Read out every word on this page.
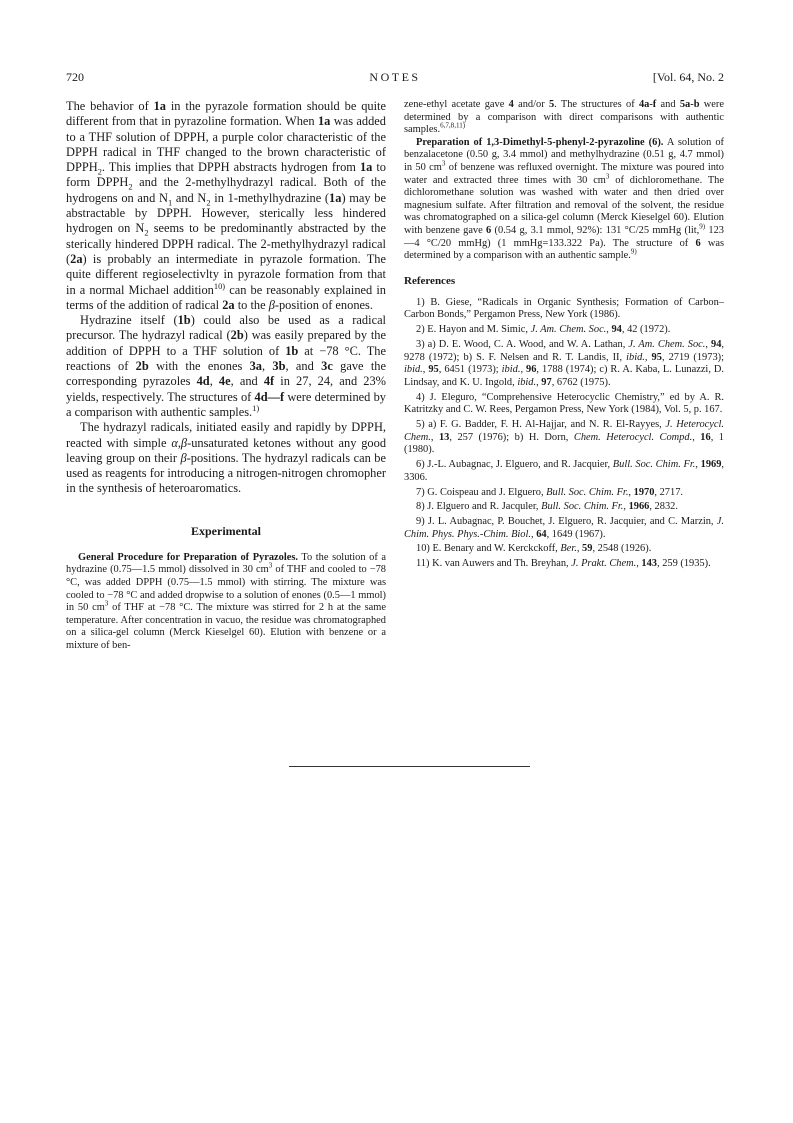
720	NOTES	[Vol. 64, No. 2

The behavior of 1a in the pyrazole formation should be quite different from that in pyrazoline formation. When 1a was added to a THF solution of DPPH, a purple color characteristic of the DPPH radical in THF changed to the brown characteristic of $DPPH_2$. This implies that DPPH abstracts hydrogen from 1a to form $DPPH_2$ and the 2-methylhydrazyl radical. Both of the hydrogens on and $N_1$ and $N_2$ in 1-methylhydrazine (1a) may be abstractable by DPPH. However, sterically less hindered hydrogen on $N_2$ seems to be predominantly abstracted by the sterically hindered DPPH radical. The 2-methylhydrazyl radical (2a) is probably an intermediate in pyrazole formation. The quite different regioselectivlty in pyrazole formation from that in a normal Michael addition$^{10)}$ can be reasonably explained in terms of the addition of radical 2a to the β-position of enones.

Hydrazine itself (1b) could also be used as a radical precursor. The hydrazyl radical (2b) was easily prepared by the addition of DPPH to a THF solution of 1b at −78 °C. The reactions of 2b with the enones 3a, 3b, and 3c gave the corresponding pyrazoles 4d, 4e, and 4f in 27, 24, and 23% yields, respectively. The structures of 4d—f were determined by a comparison with authentic samples.$^{1)}$

The hydrazyl radicals, initiated easily and rapidly by DPPH, reacted with simple α,β-unsaturated ketones without any good leaving group on their β-positions. The hydrazyl radicals can be used as reagents for introducing a nitrogen-nitrogen chromopher in the synthesis of heteroaromatics.

Experimental

General Procedure for Preparation of Pyrazoles. To the solution of a hydrazine (0.75—1.5 mmol) dissolved in 30 $cm^3$ of THF and cooled to −78 °C, was added DPPH (0.75—1.5 mmol) with stirring. The mixture was cooled to −78 °C and added dropwise to a solution of enones (0.5—1 mmol) in 50 $cm^3$ of THF at −78 °C. The mixture was stirred for 2 h at the same temperature. After concentration in vacuo, the residue was chromatographed on a silica-gel column (Merck Kieselgel 60). Elution with benzene or a mixture of ben-

zene-ethyl acetate gave 4 and/or 5. The structures of 4a-f and 5a-b were determined by a comparison with direct comparisons with authentic samples.$^{6,7,8,11)}$

Preparation of 1,3-Dimethyl-5-phenyl-2-pyrazoline (6). A solution of benzalacetone (0.50 g, 3.4 mmol) and methylhydrazine (0.51 g, 4.7 mmol) in 50 $cm^3$ of benzene was refluxed overnight. The mixture was poured into water and extracted three times with 30 $cm^3$ of dichloromethane. The dichloromethane solution was washed with water and then dried over magnesium sulfate. After filtration and removal of the solvent, the residue was chromatographed on a silica-gel column (Merck Kieselgel 60). Elution with benzene gave 6 (0.54 g, 3.1 mmol, 92%): 131 °C/25 mmHg (lit,$^{9)}$ 123—4 °C/20 mmHg) (1 mmHg=133.322 Pa). The structure of 6 was determined by a comparison with an authentic sample.$^{9)}$

References
1) B. Giese, “Radicals in Organic Synthesis; Formation of Carbon–Carbon Bonds,” Pergamon Press, New York (1986).
2) E. Hayon and M. Simic, J. Am. Chem. Soc., 94, 42 (1972).
3) a) D. E. Wood, C. A. Wood, and W. A. Lathan, J. Am. Chem. Soc., 94, 9278 (1972); b) S. F. Nelsen and R. T. Landis, II, ibid., 95, 2719 (1973); ibid., 95, 6451 (1973); ibid., 96, 1788 (1974); c) R. A. Kaba, L. Lunazzi, D. Lindsay, and K. U. Ingold, ibid., 97, 6762 (1975).
4) J. Eleguro, “Comprehensive Heterocyclic Chemistry,” ed by A. R. Katritzky and C. W. Rees, Pergamon Press, New York (1984), Vol. 5, p. 167.
5) a) F. G. Badder, F. H. Al-Hajjar, and N. R. El-Rayyes, J. Heterocycl. Chem., 13, 257 (1976); b) H. Dorn, Chem. Heterocycl. Compd., 16, 1 (1980).
6) J.-L. Aubagnac, J. Elguero, and R. Jacquier, Bull. Soc. Chim. Fr., 1969, 3306.
7) G. Coispeau and J. Elguero, Bull. Soc. Chim. Fr., 1970, 2717.
8) J. Elguero and R. Jacquler, Bull. Soc. Chim. Fr., 1966, 2832.
9) J. L. Aubagnac, P. Bouchet, J. Elguero, R. Jacquier, and C. Marzin, J. Chim. Phys. Phys.-Chim. Biol., 64, 1649 (1967).
10) E. Benary and W. Kerckckoff, Ber., 59, 2548 (1926).
11) K. van Auwers and Th. Breyhan, J. Prakt. Chem., 143, 259 (1935).
